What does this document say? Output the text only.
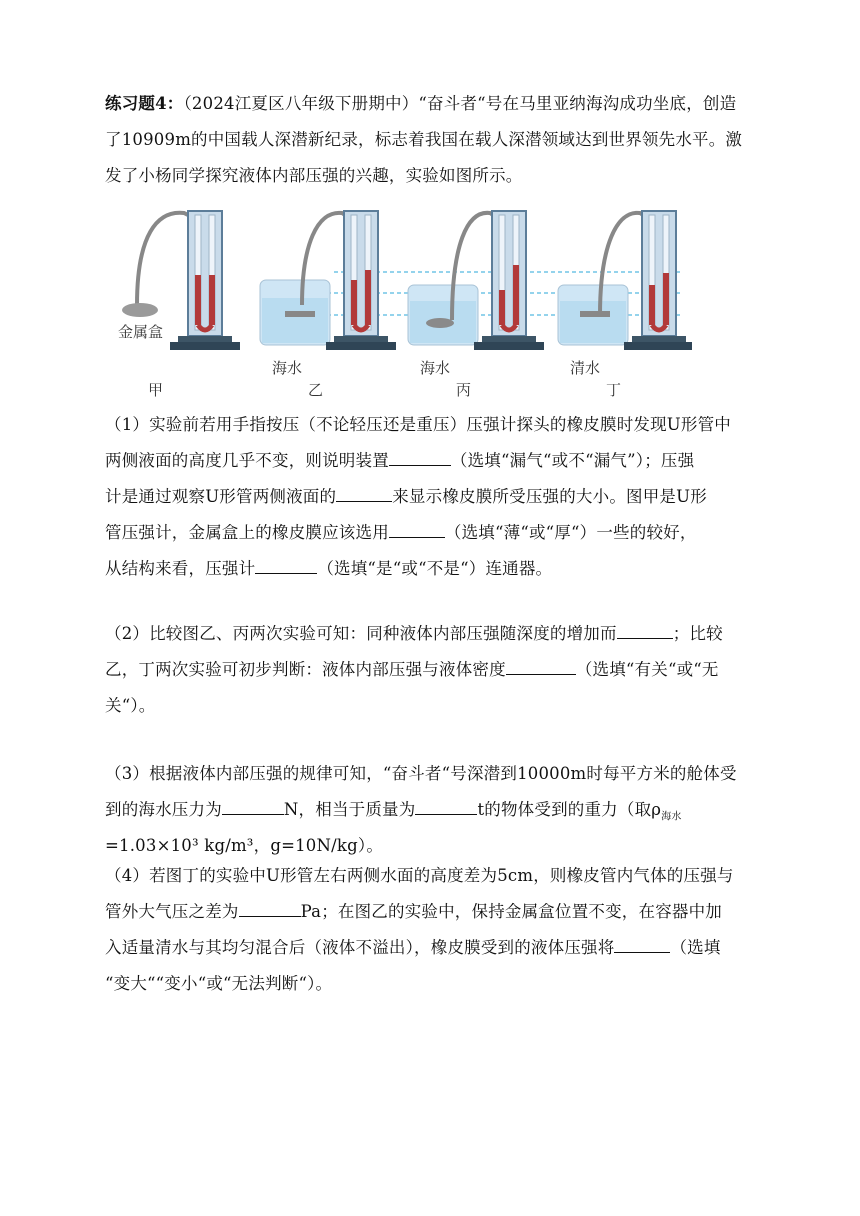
练习题4：（2024江夏区八年级下册期中）“奋斗者“号在马里亚纳海沟成功坐底，创造
了10909m的中国载人深潜新纪录，标志着我国在载人深潜领域达到世界领先水平。激
发了小杨同学探究液体内部压强的兴趣，实验如图所示。
金属盒
甲
海水
乙
海水
丙
清水
丁
（1）实验前若用手指按压（不论轻压还是重压）压强计探头的橡皮膜时发现U形管中
两侧液面的高度几乎不变，则说明装置	（选填“漏气“或不“漏气”）；压强
计是通过观察U形管两侧液面的	来显示橡皮膜所受压强的大小。图甲是U形
管压强计，金属盒上的橡皮膜应该选用	（选填“薄“或“厚“）一些的较好，
从结构来看，压强计	（选填“是“或“不是“）连通器。
（2）比较图乙、丙两次实验可知：同种液体内部压强随深度的增加而	；比较
乙，丁两次实验可初步判断：液体内部压强与液体密度	（选填“有关“或“无
关“）。
（3）根据液体内部压强的规律可知，“奋斗者“号深潜到10000m时每平方米的舱体受
到的海水压力为	N，相当于质量为	t的物体受到的重力（取$\rho_{海水}$
=1.03×10³ kg/m³，g=10N/kg）。
（4）若图丁的实验中U形管左右两侧水面的高度差为5cm，则橡皮管内气体的压强与
管外大气压之差为	Pa；在图乙的实验中，保持金属盒位置不变，在容器中加
入适量清水与其均匀混合后（液体不溢出），橡皮膜受到的液体压强将	（选填
“变大““变小“或“无法判断“）。
